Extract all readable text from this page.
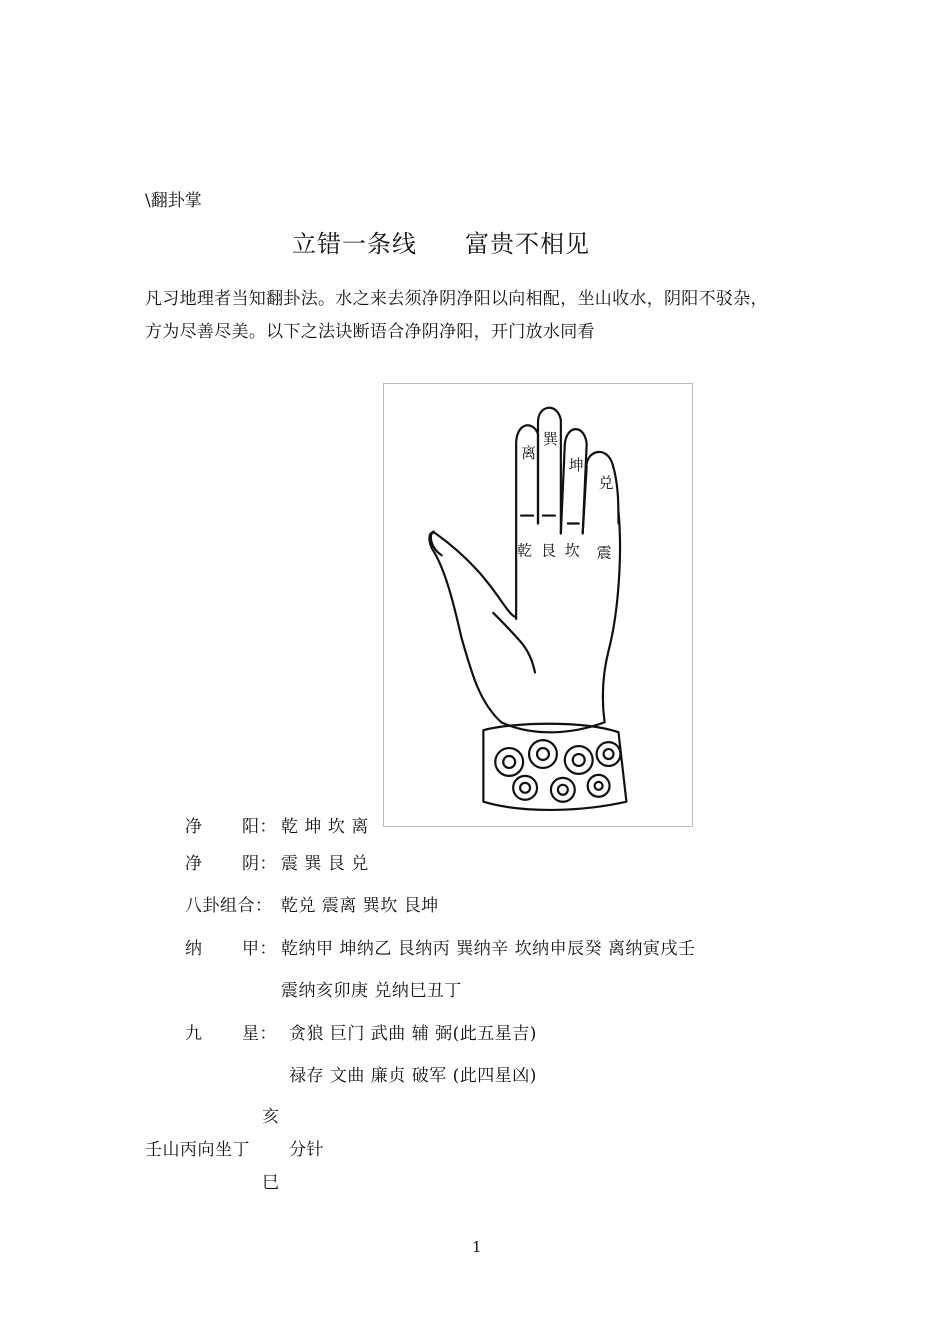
\翻卦掌
立错一条线 富贵不相见
凡习地理者当知翻卦法。水之来去须净阴净阳以向相配，坐山收水，阴阳不驳杂，
方为尽善尽美。以下之法诀断语合净阴净阳，开门放水同看
离
巽
坤
兑
乾 艮 坎 震
净 阳： 乾 坤 坎 离
净 阴： 震 巽 艮 兑
八卦组合： 乾兑 震离 巽坎 艮坤
纳 甲： 乾纳甲 坤纳乙 艮纳丙 巽纳辛 坎纳申辰癸 离纳寅戌壬
震纳亥卯庚 兑纳巳丑丁
九 星： 贪狼 巨门 武曲 辅 弼(此五星吉)
禄存 文曲 廉贞 破军 (此四星凶)
亥
壬山丙向坐丁 分针
巳
1
